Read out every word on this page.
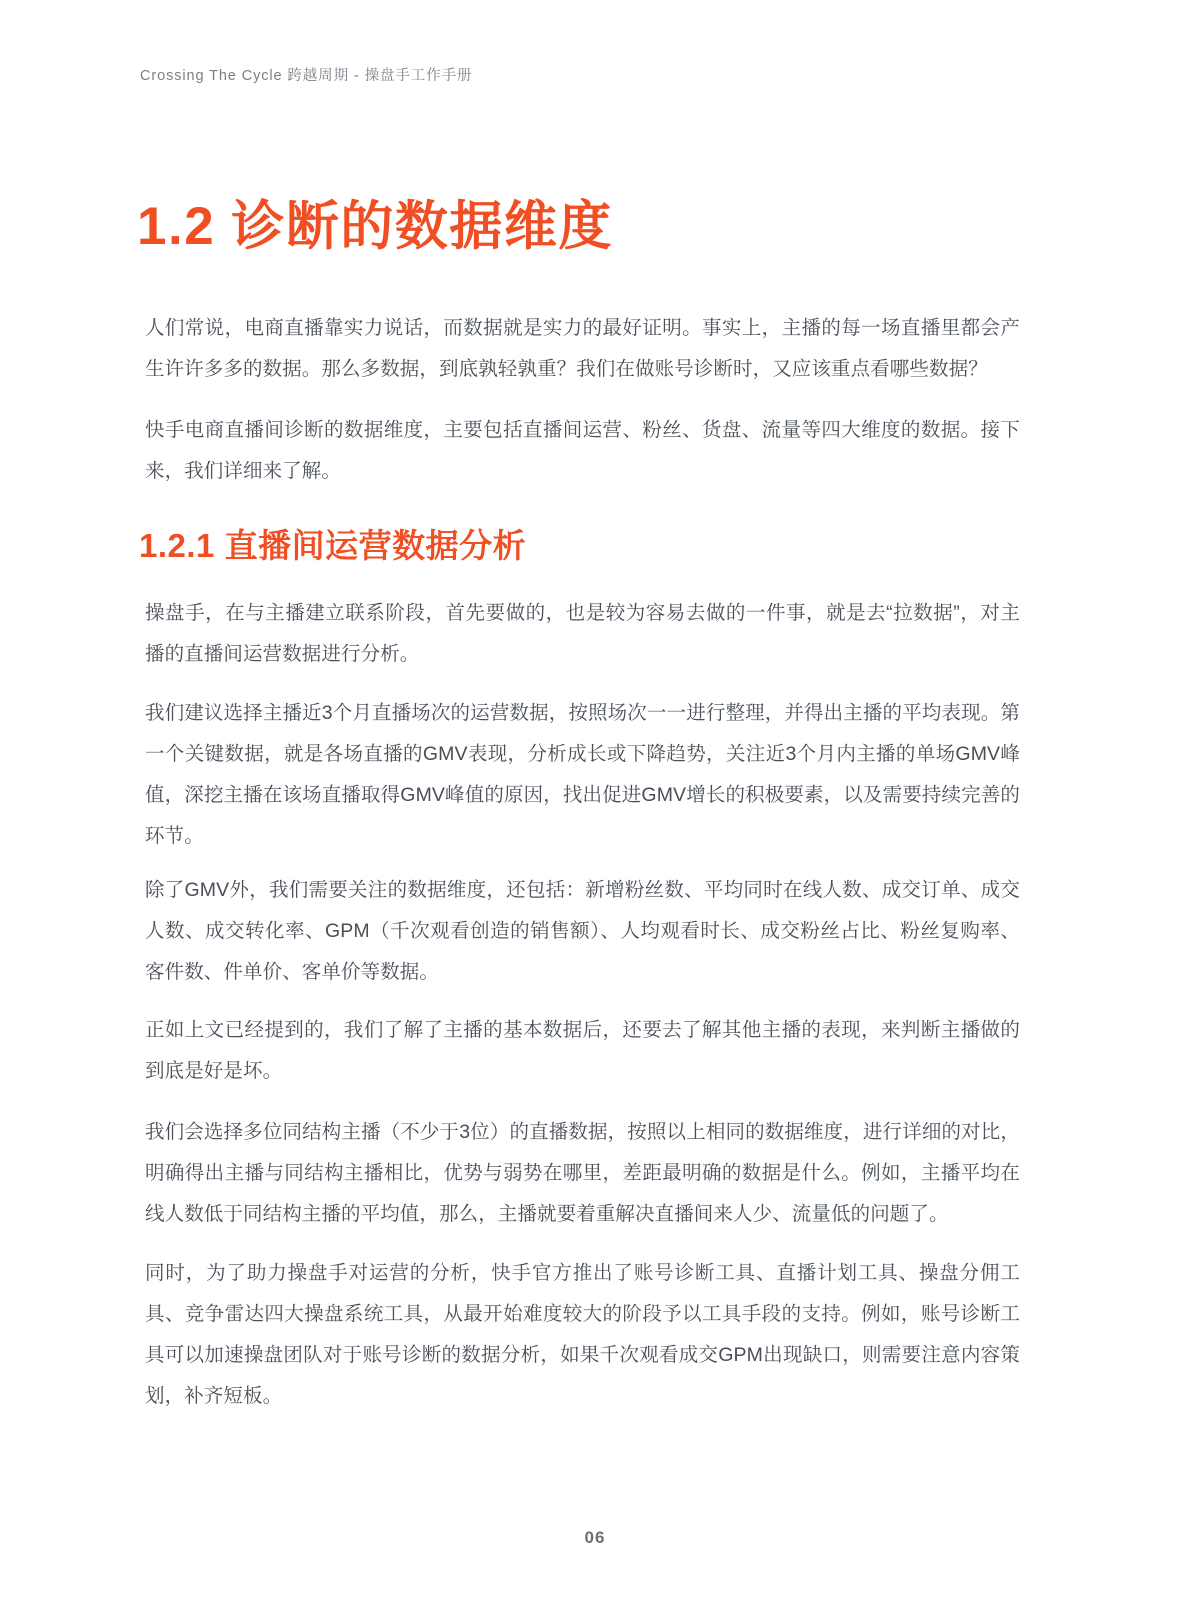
Crossing The Cycle 跨越周期 - 操盘手工作手册
1.2 诊断的数据维度

人们常说，电商直播靠实力说话，而数据就是实力的最好证明。事实上，主播的每一场直播里都会产生许许多多的数据。那么多数据，到底孰轻孰重？我们在做账号诊断时，又应该重点看哪些数据？

快手电商直播间诊断的数据维度，主要包括直播间运营、粉丝、货盘、流量等四大维度的数据。接下来，我们详细来了解。

1.2.1 直播间运营数据分析

操盘手，在与主播建立联系阶段，首先要做的，也是较为容易去做的一件事，就是去“拉数据”，对主播的直播间运营数据进行分析。

我们建议选择主播近3个月直播场次的运营数据，按照场次一一进行整理，并得出主播的平均表现。第一个关键数据，就是各场直播的GMV表现，分析成长或下降趋势，关注近3个月内主播的单场GMV峰值，深挖主播在该场直播取得GMV峰值的原因，找出促进GMV增长的积极要素，以及需要持续完善的环节。

除了GMV外，我们需要关注的数据维度，还包括：新增粉丝数、平均同时在线人数、成交订单、成交人数、成交转化率、GPM（千次观看创造的销售额）、人均观看时长、成交粉丝占比、粉丝复购率、客件数、件单价、客单价等数据。

正如上文已经提到的，我们了解了主播的基本数据后，还要去了解其他主播的表现，来判断主播做的到底是好是坏。

我们会选择多位同结构主播（不少于3位）的直播数据，按照以上相同的数据维度，进行详细的对比，明确得出主播与同结构主播相比，优势与弱势在哪里，差距最明确的数据是什么。例如，主播平均在线人数低于同结构主播的平均值，那么，主播就要着重解决直播间来人少、流量低的问题了。

同时，为了助力操盘手对运营的分析，快手官方推出了账号诊断工具、直播计划工具、操盘分佣工具、竞争雷达四大操盘系统工具，从最开始难度较大的阶段予以工具手段的支持。例如，账号诊断工具可以加速操盘团队对于账号诊断的数据分析，如果千次观看成交GPM出现缺口，则需要注意内容策划，补齐短板。

06
